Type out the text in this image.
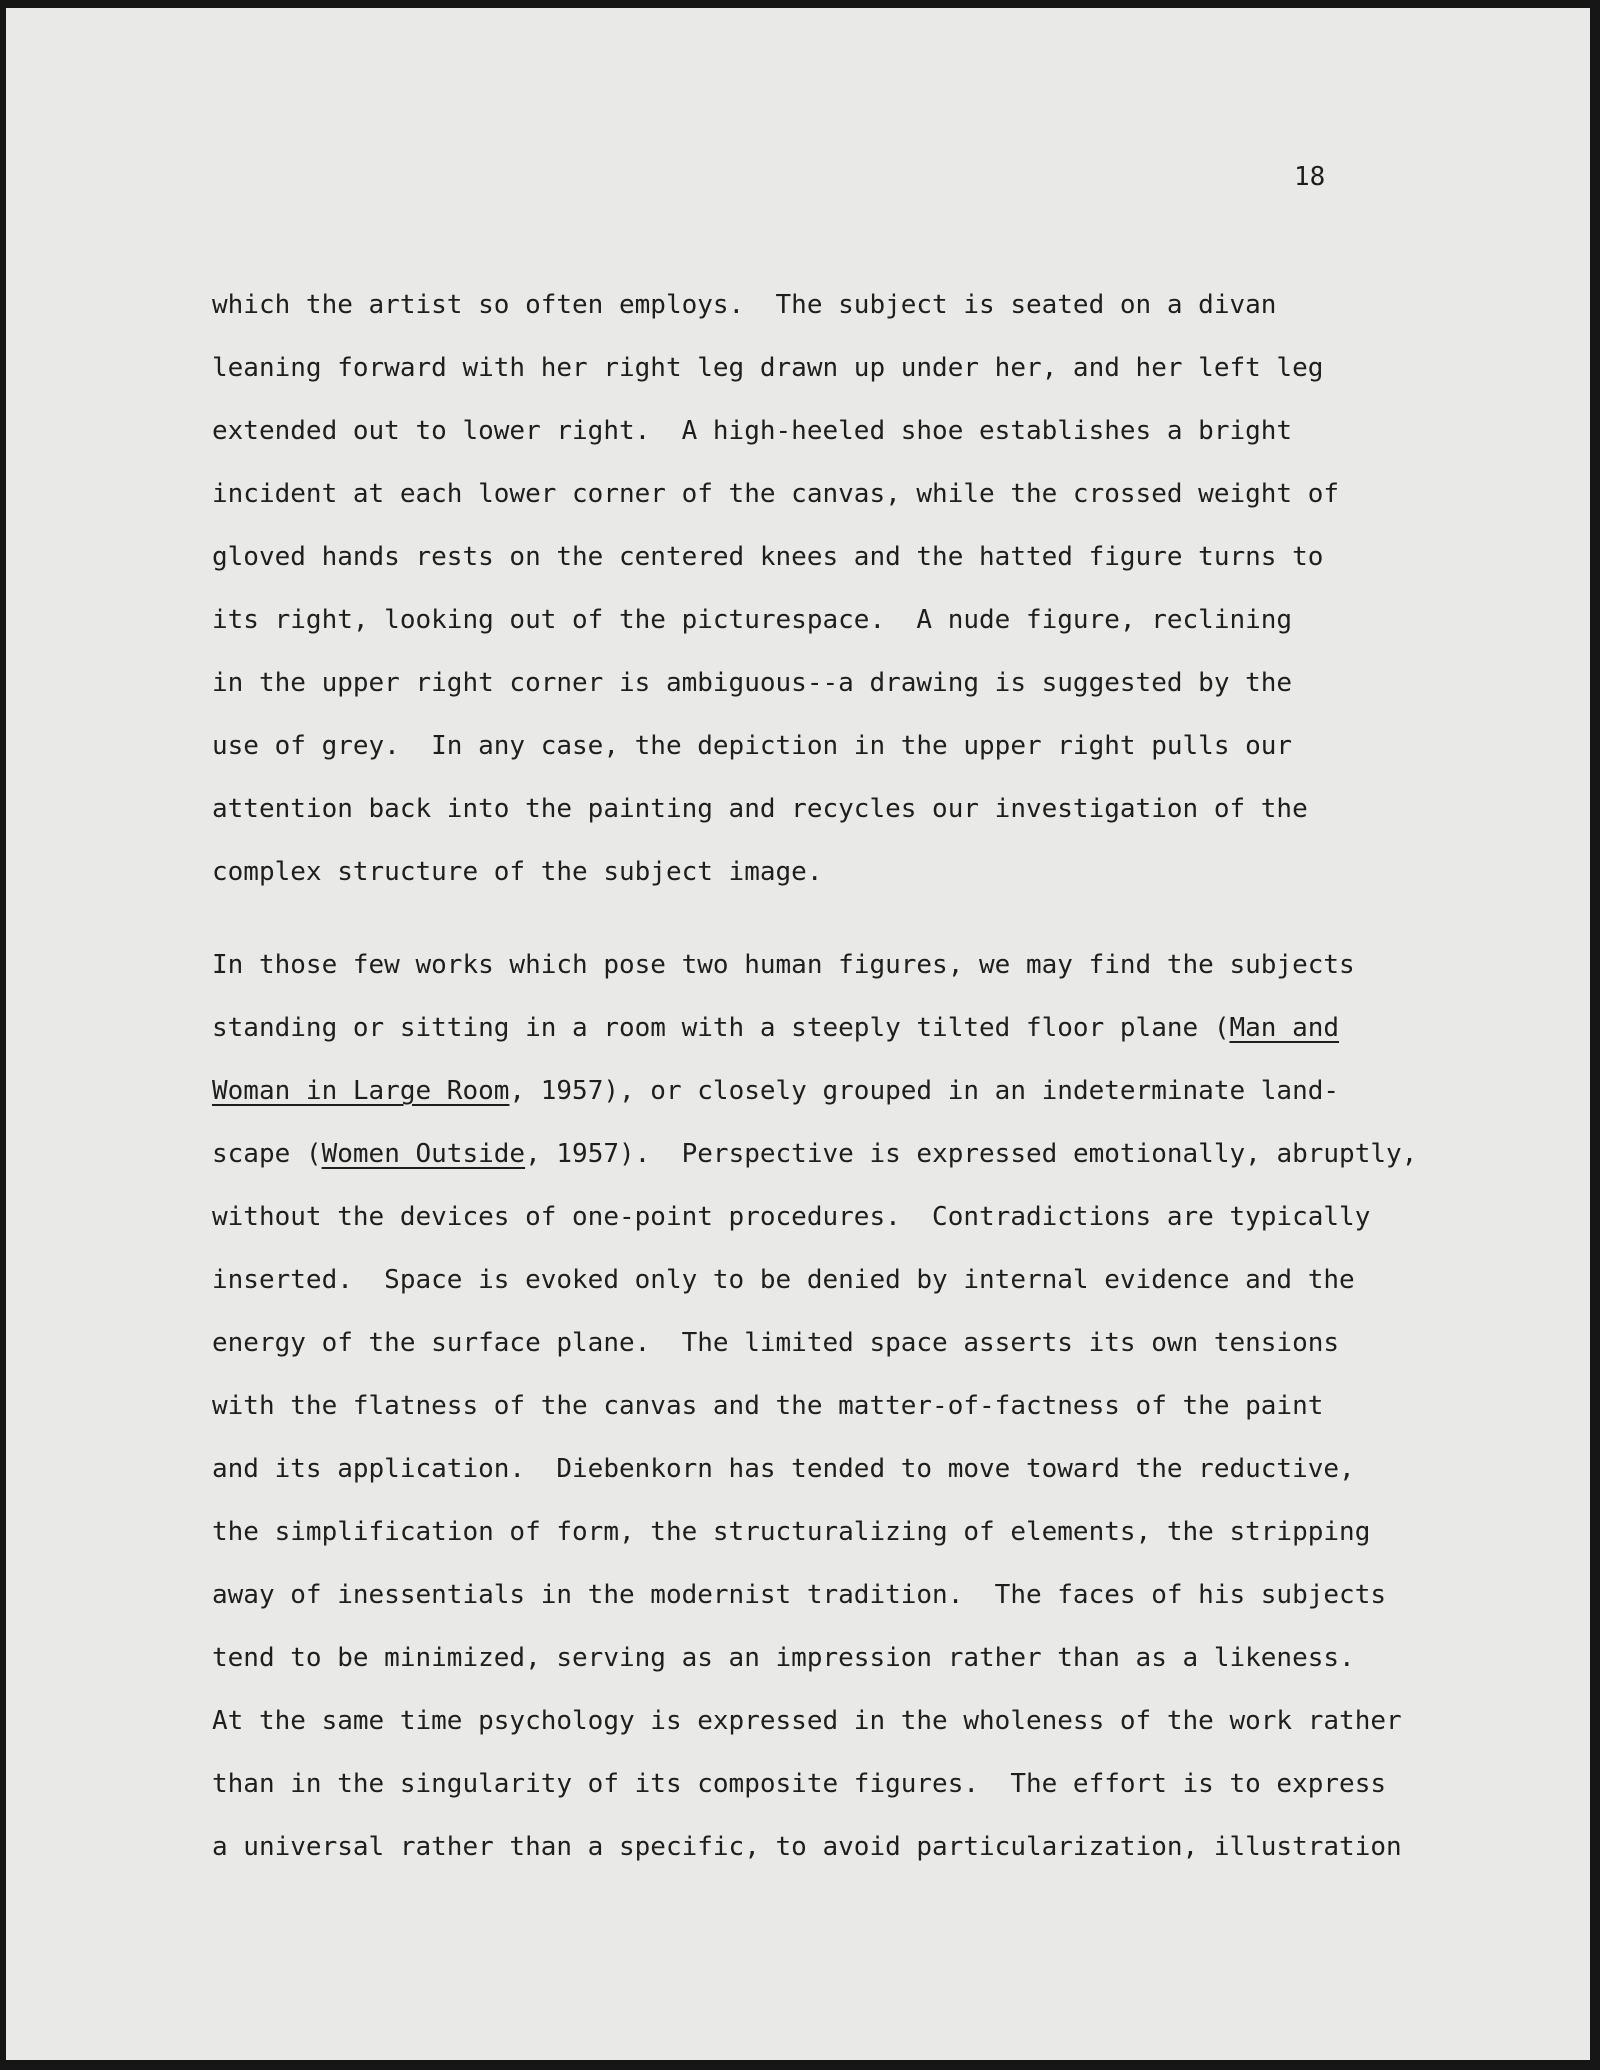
18
which the artist so often employs.  The subject is seated on a divan
leaning forward with her right leg drawn up under her, and her left leg
extended out to lower right.  A high-heeled shoe establishes a bright
incident at each lower corner of the canvas, while the crossed weight of
gloved hands rests on the centered knees and the hatted figure turns to
its right, looking out of the picturespace.  A nude figure, reclining
in the upper right corner is ambiguous--a drawing is suggested by the
use of grey.  In any case, the depiction in the upper right pulls our
attention back into the painting and recycles our investigation of the
complex structure of the subject image.
In those few works which pose two human figures, we may find the subjects
standing or sitting in a room with a steeply tilted floor plane (Man and
Woman in Large Room, 1957), or closely grouped in an indeterminate land-
scape (Women Outside, 1957).  Perspective is expressed emotionally, abruptly,
without the devices of one-point procedures.  Contradictions are typically
inserted.  Space is evoked only to be denied by internal evidence and the
energy of the surface plane.  The limited space asserts its own tensions
with the flatness of the canvas and the matter-of-factness of the paint
and its application.  Diebenkorn has tended to move toward the reductive,
the simplification of form, the structuralizing of elements, the stripping
away of inessentials in the modernist tradition.  The faces of his subjects
tend to be minimized, serving as an impression rather than as a likeness.
At the same time psychology is expressed in the wholeness of the work rather
than in the singularity of its composite figures.  The effort is to express
a universal rather than a specific, to avoid particularization, illustration
